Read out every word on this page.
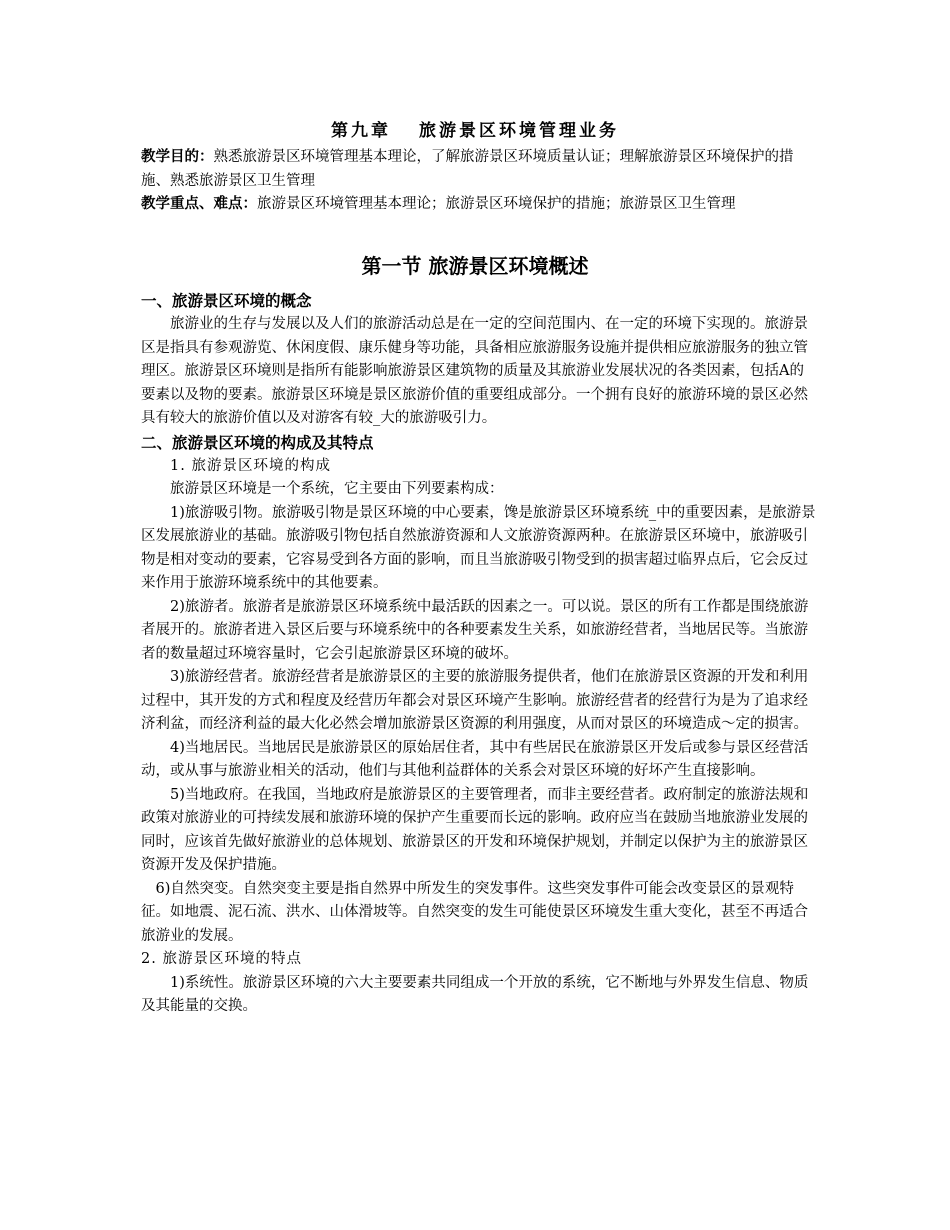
第九章 旅游景区环境管理业务
教学目的：熟悉旅游景区环境管理基本理论，了解旅游景区环境质量认证；理解旅游景区环境保护的措施、熟悉旅游景区卫生管理
教学重点、难点：旅游景区环境管理基本理论；旅游景区环境保护的措施；旅游景区卫生管理
第一节 旅游景区环境概述
一、旅游景区环境的概念

旅游业的生存与发展以及人们的旅游活动总是在一定的空间范围内、在一定的环境下实现的。旅游景区是指具有参观游览、休闲度假、康乐健身等功能，具备相应旅游服务设施并提供相应旅游服务的独立管理区。旅游景区环境则是指所有能影响旅游景区建筑物的质量及其旅游业发展状况的各类因素，包括A的要素以及物的要素。旅游景区环境是景区旅游价值的重要组成部分。一个拥有良好的旅游环境的景区必然具有较大的旅游价值以及对游客有较_大的旅游吸引力。

二、旅游景区环境的构成及其特点

1. 旅游景区环境的构成

旅游景区环境是一个系统，它主要由下列要素构成：

1)旅游吸引物。旅游吸引物是景区环境的中心要素，馋是旅游景区环境系统_中的重要因素，是旅游景区发展旅游业的基础。旅游吸引物包括自然旅游资源和人文旅游资源两种。在旅游景区环境中，旅游吸引物是相对变动的要素，它容易受到各方面的影响，而且当旅游吸引物受到的损害超过临界点后，它会反过来作用于旅游环境系统中的其他要素。

2)旅游者。旅游者是旅游景区环境系统中最活跃的因素之一。可以说。景区的所有工作都是围绕旅游者展开的。旅游者进入景区后要与环境系统中的各种要素发生关系，如旅游经营者，当地居民等。当旅游者的数量超过环境容量时，它会引起旅游景区环境的破坏。

3)旅游经营者。旅游经营者是旅游景区的主要的旅游服务提供者，他们在旅游景区资源的开发和利用过程中，其开发的方式和程度及经营历年都会对景区环境产生影响。旅游经营者的经营行为是为了追求经济利盆，而经济利益的最大化必然会增加旅游景区资源的利用强度，从而对景区的环境造成～定的损害。

4)当地居民。当地居民是旅游景区的原始居住者，其中有些居民在旅游景区开发后或参与景区经营活动，或从事与旅游业相关的活动，他们与其他利益群体的关系会对景区环境的好坏产生直接影响。

5)当地政府。在我国，当地政府是旅游景区的主要管理者，而非主要经营者。政府制定的旅游法规和政策对旅游业的可持续发展和旅游环境的保护产生重要而长远的影响。政府应当在鼓励当地旅游业发展的同时，应该首先做好旅游业的总体规划、旅游景区的开发和环境保护规划，并制定以保护为主的旅游景区资源开发及保护措施。

6)自然突变。自然突变主要是指自然界中所发生的突发事件。这些突发事件可能会改变景区的景观特征。如地震、泥石流、洪水、山体滑坡等。自然突变的发生可能使景区环境发生重大变化，甚至不再适合旅游业的发展。

2. 旅游景区环境的特点

1)系统性。旅游景区环境的六大主要要素共同组成一个开放的系统，它不断地与外界发生信息、物质及其能量的交换。
